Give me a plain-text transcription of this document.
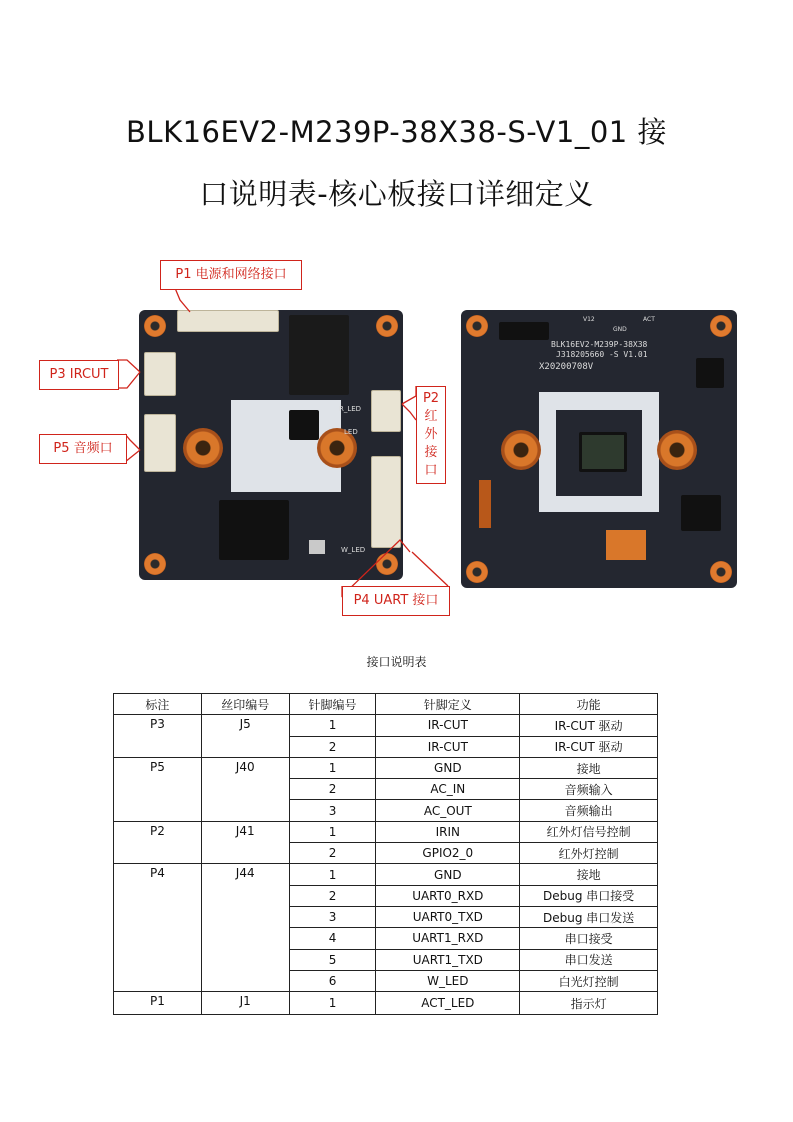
BLK16EV2-M239P-38X38-S-V1_01 接
口说明表-核心板接口详细定义
R_LED
LED
W_LED
BLK16EV2-M239P-38X38
J318205660 -S V1.01
X20200708V
V12
GND
ACT
P1 电源和网络接口
P3 IRCUT
P5 音频口
P2
红
外
接
口
P4 UART 接口
接口说明表
标注	丝印编号	针脚编号	针脚定义	功能
P3	J5	1	IR-CUT	IR-CUT 驱动
		2	IR-CUT	IR-CUT 驱动
P5	J40	1	GND	接地
		2	AC_IN	音频输入
		3	AC_OUT	音频输出
P2	J41	1	IRIN	红外灯信号控制
		2	GPIO2_0	红外灯控制
P4	J44	1	GND	接地
		2	UART0_RXD	Debug 串口接受
		3	UART0_TXD	Debug 串口发送
		4	UART1_RXD	串口接受
		5	UART1_TXD	串口发送
		6	W_LED	白光灯控制
P1	J1	1	ACT_LED	指示灯
